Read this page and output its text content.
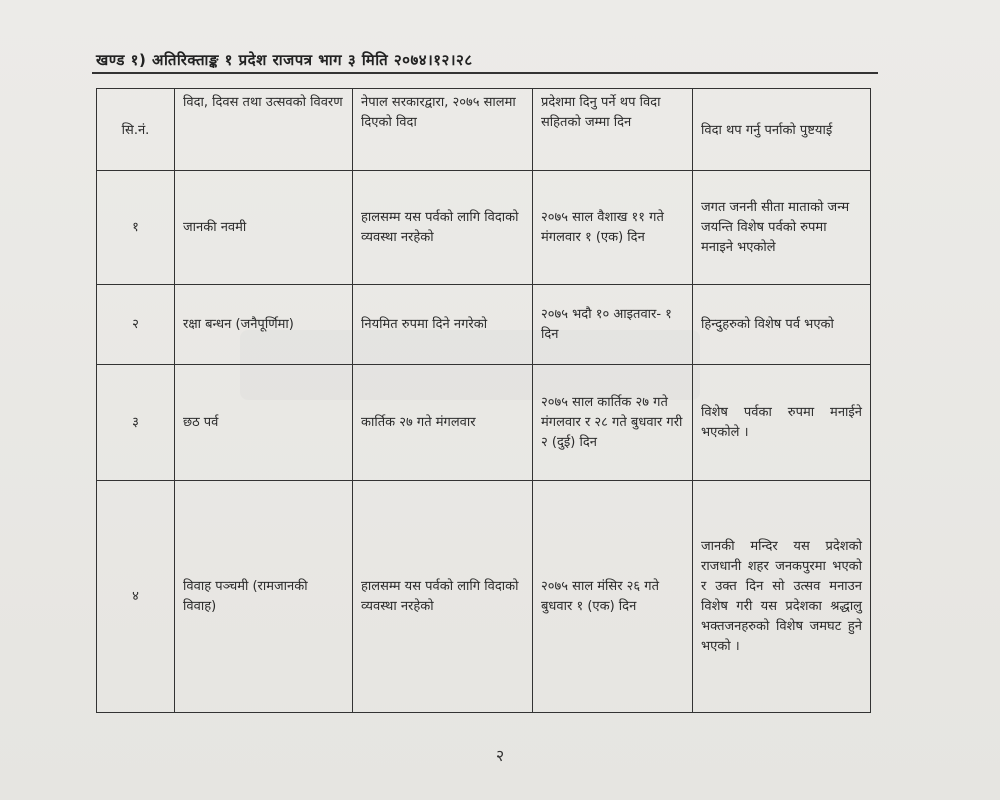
खण्ड १) अतिरिक्ताङ्क १ प्रदेश राजपत्र भाग ३ मिति २०७४।१२।२८
सि.नं.	विदा, दिवस तथा उत्सवको विवरण	नेपाल सरकारद्वारा, २०७५ सालमा दिएको विदा	प्रदेशमा दिनु पर्ने थप विदा सहितको जम्मा दिन	विदा थप गर्नु पर्नाको पुष्टयाई
१	जानकी नवमी	हालसम्म यस पर्वको लागि विदाको व्यवस्था नरहेको	२०७५ साल वैशाख ११ गते मंगलवार १ (एक) दिन	जगत जननी सीता माताको जन्म जयन्ति विशेष पर्वको रुपमा मनाइने भएकोले
२	रक्षा बन्धन (जनैपूर्णिमा)	नियमित रुपमा दिने नगरेको	२०७५ भदौ १० आइतवार- १ दिन	हिन्दुहरुको विशेष पर्व भएको
३	छठ पर्व	कार्तिक २७ गते मंगलवार	२०७५ साल कार्तिक २७ गते मंगलवार र २८ गते बुधवार गरी २ (दुई) दिन	विशेष पर्वका रुपमा मनाईने भएकोले ।
४	विवाह पञ्चमी (रामजानकी विवाह)	हालसम्म यस पर्वको लागि विदाको व्यवस्था नरहेको	२०७५ साल मंसिर २६ गते बुधवार १ (एक) दिन	जानकी मन्दिर यस प्रदेशको राजधानी शहर जनकपुरमा भएको र उक्त दिन सो उत्सव मनाउन विशेष गरी यस प्रदेशका श्रद्धालु भक्तजनहरुको विशेष जमघट हुने भएको ।
२
